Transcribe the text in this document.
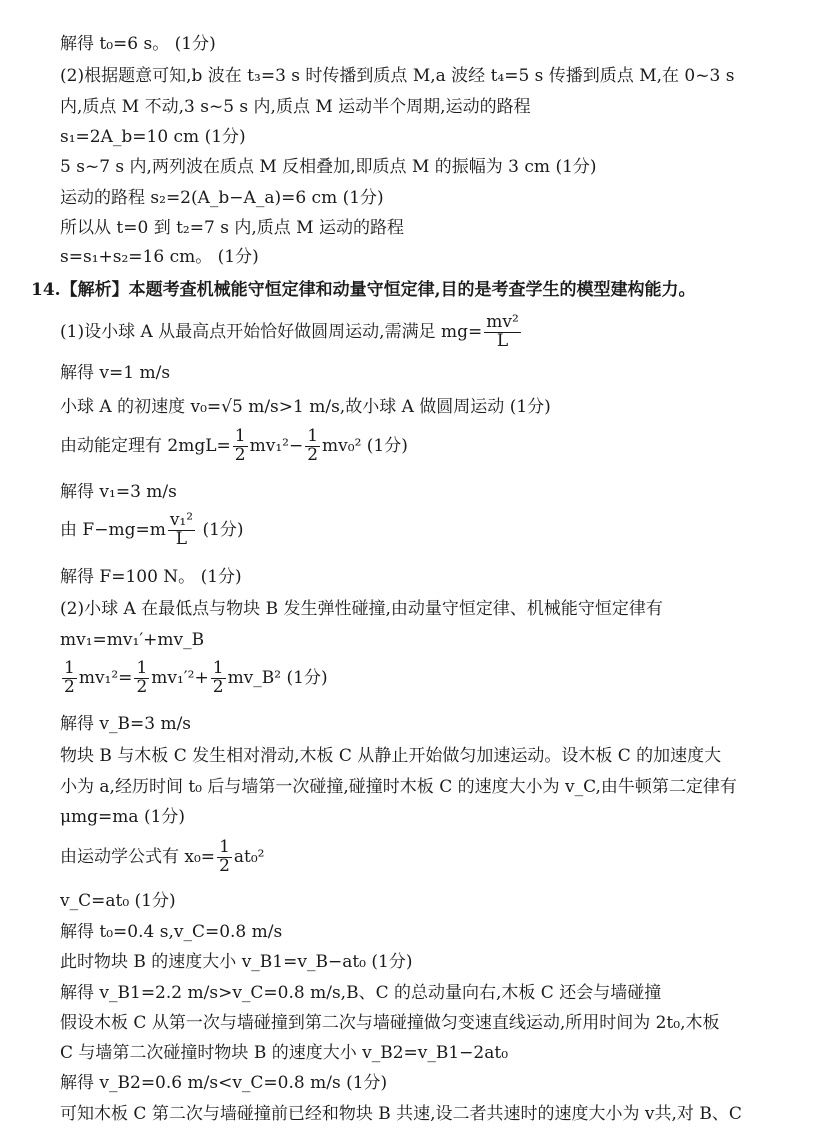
解得 t₀=6 s。 (1分)
(2)根据题意可知,b 波在 t₃=3 s 时传播到质点 M,a 波经 t₄=5 s 传播到质点 M,在 0~3 s
内,质点 M 不动,3 s~5 s 内,质点 M 运动半个周期,运动的路程
s₁=2A_b=10 cm (1分)
5 s~7 s 内,两列波在质点 M 反相叠加,即质点 M 的振幅为 3 cm (1分)
运动的路程 s₂=2(A_b−A_a)=6 cm (1分)
所以从 t=0 到 t₂=7 s 内,质点 M 运动的路程
s=s₁+s₂=16 cm。 (1分)
14.【解析】本题考查机械能守恒定律和动量守恒定律,目的是考查学生的模型建构能力。
(1)设小球 A 从最高点开始恰好做圆周运动,需满足 $mg= \frac{\text{mv²}}{L}$
解得 v=1 m/s
小球 A 的初速度 v₀=√5 m/s>1 m/s,故小球 A 做圆周运动 (1分)
由动能定理有 $2mgL= \frac{1}{2} mv_1^2- \frac{1}{2} mv_0^2$ (1分)
解得 v₁=3 m/s
由 $F-mg=m \frac{\text{v₁²}}{L} (1$分)
解得 F=100 N。 (1分)
(2)小球 A 在最低点与物块 B 发生弹性碰撞,由动量守恒定律、机械能守恒定律有
mv₁=mv₁′+mv_B
$\frac{1}{2} mv_1^2= \frac{1}{2} mv_1'^2+ \frac{1}{2}$ mv_B² (1分)
解得 v_B=3 m/s
物块 B 与木板 C 发生相对滑动,木板 C 从静止开始做匀加速运动。设木板 C 的加速度大
小为 a,经历时间 t₀ 后与墙第一次碰撞,碰撞时木板 C 的速度大小为 v_C,由牛顿第二定律有
μmg=ma (1分)
由运动学公式有 $x_0= \frac{1}{2} at_0^2$
v_C=at₀ (1分)
解得 t₀=0.4 s,v_C=0.8 m/s
此时物块 B 的速度大小 v_B1=v_B−at₀ (1分)
解得 v_B1=2.2 m/s>v_C=0.8 m/s,B、C 的总动量向右,木板 C 还会与墙碰撞
假设木板 C 从第一次与墙碰撞到第二次与墙碰撞做匀变速直线运动,所用时间为 2t₀,木板
C 与墙第二次碰撞时物块 B 的速度大小 v_B2=v_B1−2at₀
解得 v_B2=0.6 m/s<v_C=0.8 m/s (1分)
可知木板 C 第二次与墙碰撞前已经和物块 B 共速,设二者共速时的速度大小为 v共,对 B、C
